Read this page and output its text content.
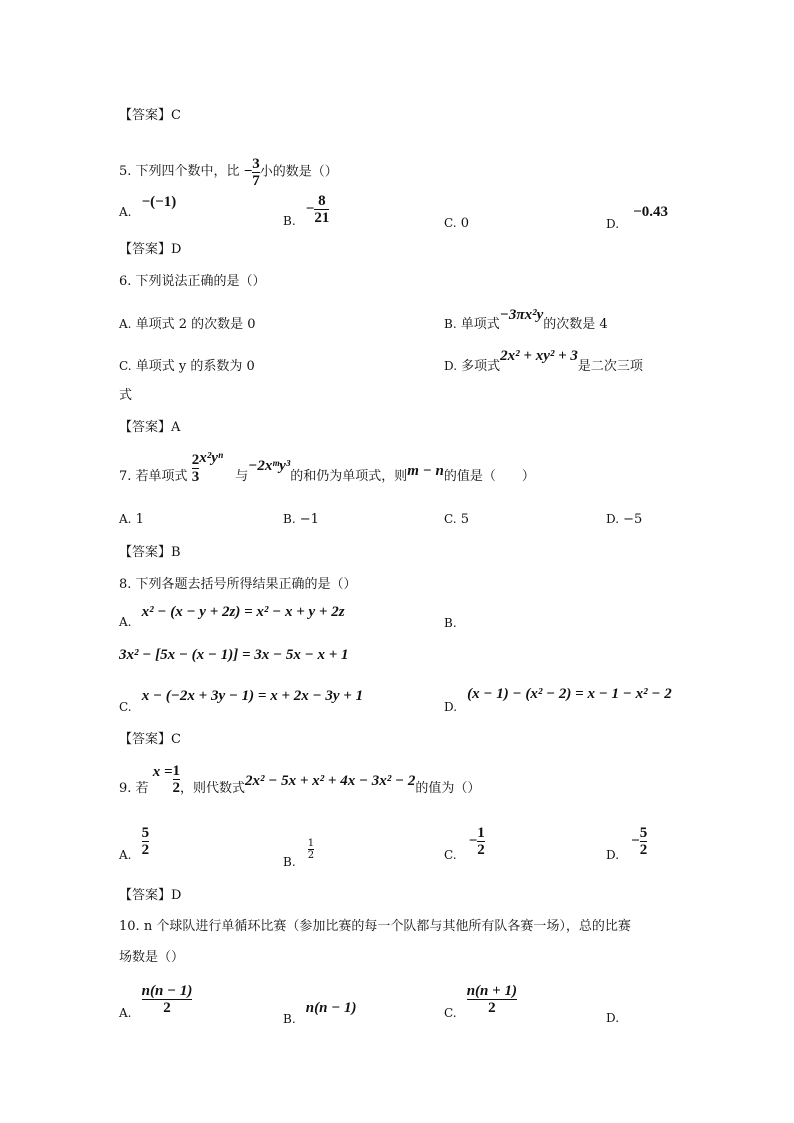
【答案】C
5. 下列四个数中，比 − $\frac{3}{7}$ 小的数是（）
A. −(−1)
B. − $\frac{8}{21}$	C. 0	D. −0.43
【答案】D
6. 下列说法正确的是（）
A. 单项式 2 的次数是 0	B. 单项式−3πx²y的次数是 4
C. 单项式 y 的系数为 0	D. 多项式2x² + xy² + 3是二次三项
式
【答案】A
7. 若单项式 $\frac{2}{3} x^2y^n$ 与−2xᵐy³的和仍为单项式，则m − n的值是（　　）
A. 1	B. −1	C. 5	D. −5
【答案】B
8. 下列各题去括号所得结果正确的是（）
A. x² − (x − y + 2z) = x² − x + y + 2z
B.
3x² − [5x − (x − 1)] = 3x − 5x − x + 1
C. x − (−2x + 3y − 1) = x + 2x − 3y + 1
D. (x − 1) − (x² − 2) = x − 1 − x² − 2
【答案】C
9. 若 $x = \frac{1}{2}$ ，则代数式2x² − 5x + x² + 4x − 3x² − 2的值为（）
A. $\frac{5}{2}$
B.
$\frac{1}{2}$	C. − $\frac{1}{2}$	D. − $\frac{5}{2}$
【答案】D
10. n 个球队进行单循环比赛（参加比赛的每一个队都与其他所有队各赛一场），总的比赛
场数是（）
A. $\frac{n(n - 1)}{2}$
B. n(n − 1)	C. $\frac{n(n + 1)}{2}$
D.
